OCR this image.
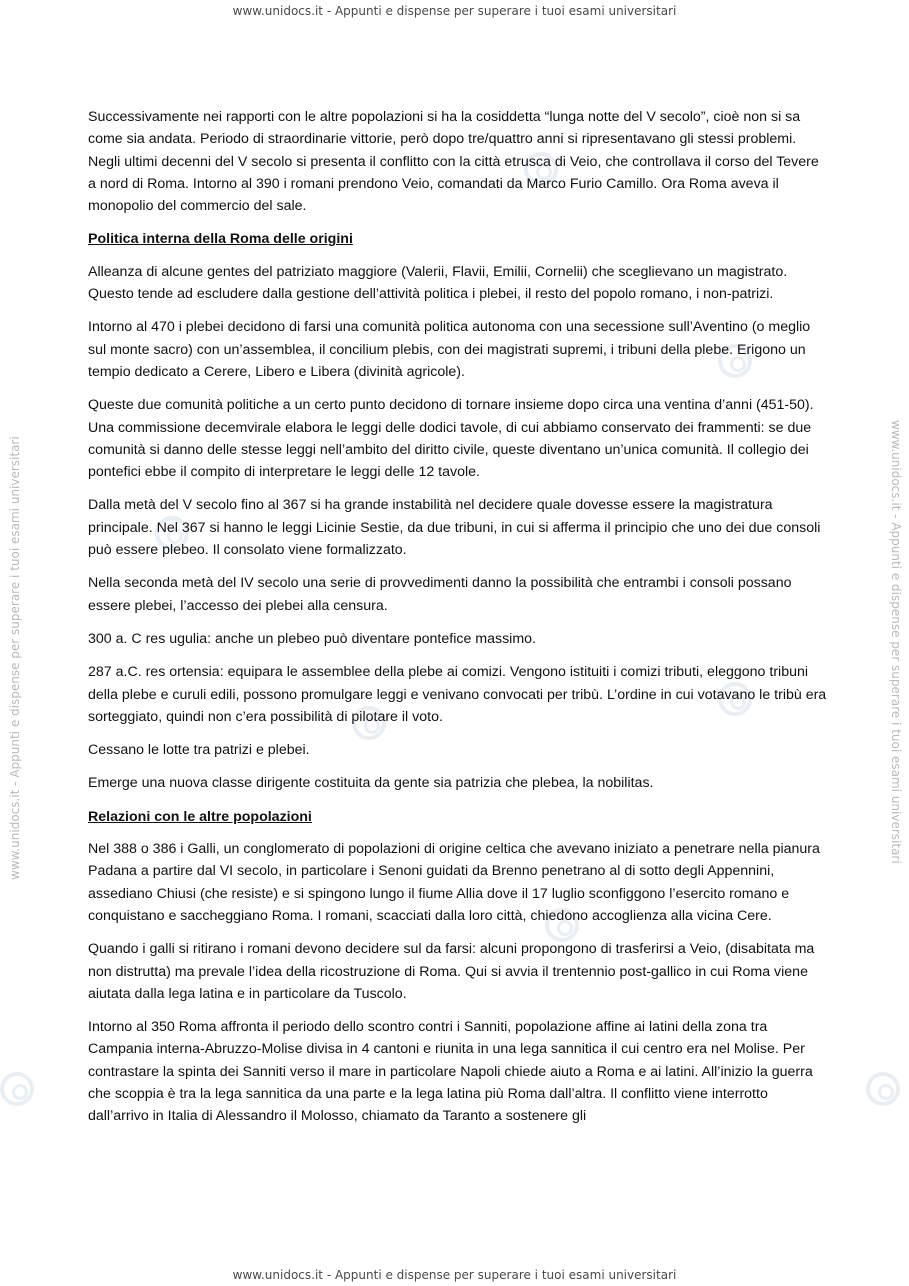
www.unidocs.it - Appunti e dispense per superare i tuoi esami universitari
www.unidocs.it - Appunti e dispense per superare i tuoi esami universitari	www.unidocs.it - Appunti e dispense per superare i tuoi esami universitari

Successivamente nei rapporti con le altre popolazioni si ha la cosiddetta “lunga notte del V secolo”, cioè non si sa come sia andata. Periodo di straordinarie vittorie, però dopo tre/quattro anni si ripresentavano gli stessi problemi. Negli ultimi decenni del V secolo si presenta il conflitto con la città etrusca di Veio, che controllava il corso del Tevere a nord di Roma. Intorno al 390 i romani prendono Veio, comandati da Marco Furio Camillo. Ora Roma aveva il monopolio del commercio del sale.

Politica interna della Roma delle origini

Alleanza di alcune gentes del patriziato maggiore (Valerii, Flavii, Emilii, Cornelii) che sceglievano un magistrato. Questo tende ad escludere dalla gestione dell’attività politica i plebei, il resto del popolo romano, i non-patrizi.

Intorno al 470 i plebei decidono di farsi una comunità politica autonoma con una secessione sull’Aventino (o meglio sul monte sacro) con un’assemblea, il concilium plebis, con dei magistrati supremi, i tribuni della plebe. Erigono un tempio dedicato a Cerere, Libero e Libera (divinità agricole).

Queste due comunità politiche a un certo punto decidono di tornare insieme dopo circa una ventina d’anni (451-50). Una commissione decemvirale elabora le leggi delle dodici tavole, di cui abbiamo conservato dei frammenti: se due comunità si danno delle stesse leggi nell’ambito del diritto civile, queste diventano un’unica comunità. Il collegio dei pontefici ebbe il compito di interpretare le leggi delle 12 tavole.

Dalla metà del V secolo fino al 367 si ha grande instabilità nel decidere quale dovesse essere la magistratura principale. Nel 367 si hanno le leggi Licinie Sestie, da due tribuni, in cui si afferma il principio che uno dei due consoli può essere plebeo. Il consolato viene formalizzato.

Nella seconda metà del IV secolo una serie di provvedimenti danno la possibilità che entrambi i consoli possano essere plebei, l’accesso dei plebei alla censura.

300 a. C res ugulia: anche un plebeo può diventare pontefice massimo.

287 a.C. res ortensia: equipara le assemblee della plebe ai comizi. Vengono istituiti i comizi tributi, eleggono tribuni della plebe e curuli edili, possono promulgare leggi e venivano convocati per tribù. L’ordine in cui votavano le tribù era sorteggiato, quindi non c’era possibilità di pilotare il voto.

Cessano le lotte tra patrizi e plebei.

Emerge una nuova classe dirigente costituita da gente sia patrizia che plebea, la nobilitas.

Relazioni con le altre popolazioni

Nel 388 o 386 i Galli, un conglomerato di popolazioni di origine celtica che avevano iniziato a penetrare nella pianura Padana a partire dal VI secolo, in particolare i Senoni guidati da Brenno penetrano al di sotto degli Appennini, assediano Chiusi (che resiste) e si spingono lungo il fiume Allia dove il 17 luglio sconfiggono l’esercito romano e conquistano e saccheggiano Roma. I romani, scacciati dalla loro città, chiedono accoglienza alla vicina Cere.

Quando i galli si ritirano i romani devono decidere sul da farsi: alcuni propongono di trasferirsi a Veio, (disabitata ma non distrutta) ma prevale l’idea della ricostruzione di Roma. Qui si avvia il trentennio post-gallico in cui Roma viene aiutata dalla lega latina e in particolare da Tuscolo.

Intorno al 350 Roma affronta il periodo dello scontro contri i Sanniti, popolazione affine ai latini della zona tra Campania interna-Abruzzo-Molise divisa in 4 cantoni e riunita in una lega sannitica il cui centro era nel Molise. Per contrastare la spinta dei Sanniti verso il mare in particolare Napoli chiede aiuto a Roma e ai latini. All’inizio la guerra che scoppia è tra la lega sannitica da una parte e la lega latina più Roma dall’altra. Il conflitto viene interrotto dall’arrivo in Italia di Alessandro il Molosso, chiamato da Taranto a sostenere gli

www.unidocs.it - Appunti e dispense per superare i tuoi esami universitari
